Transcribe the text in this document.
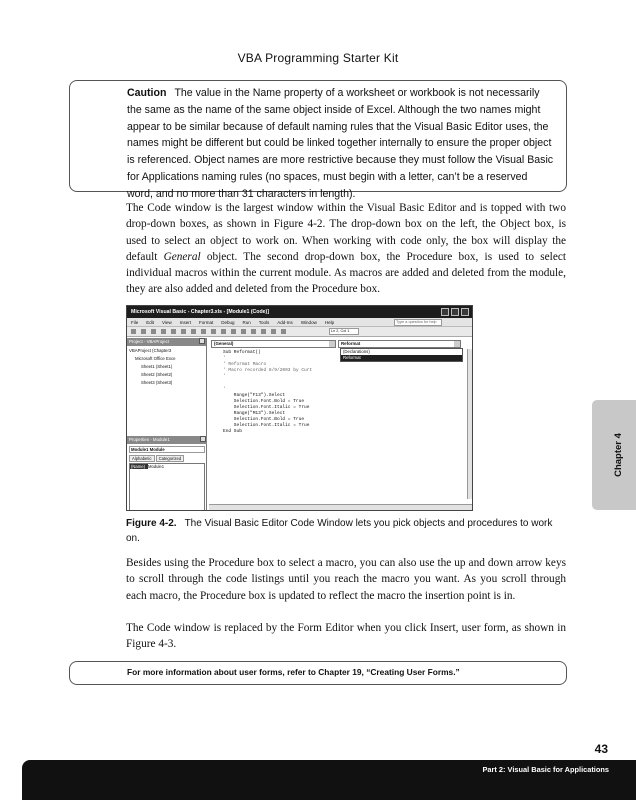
VBA Programming Starter Kit
Caution The value in the Name property of a worksheet or workbook is not necessarily the same as the name of the same object inside of Excel. Although the two names might appear to be similar because of default naming rules that the Visual Basic Editor uses, the names might be different but could be linked together internally to ensure the proper object is referenced. Object names are more restrictive because they must follow the Visual Basic for Applications naming rules (no spaces, must begin with a letter, can’t be a reserved word, and no more than 31 characters in length).
The Code window is the largest window within the Visual Basic Editor and is topped with two drop-down boxes, as shown in Figure 4-2. The drop-down box on the left, the Object box, is used to select an object to work on. When working with code only, the box will display the default General object. The second drop-down box, the Procedure box, is used to select individual macros within the current module. As macros are added and deleted from the module, they are also added and deleted from the Procedure box.
Microsoft Visual Basic - Chapter3.xls - [Module1 (Code)]
File Edit View Insert Format Debug Run Tools Add-Ins Window Help	Type a question for help
Ln 2, Col 1
Project - VBAProject
VBAProject (Chapter3
Microsoft Office Exce
Sheet1 (Sheet1)
Sheet2 (Sheet2)
Sheet3 (Sheet3)
Properties - Module1
Module1 Module
Alphabetic	Categorized
(Name) Module1
(General)	Reformat
(Declarations)
Reformat
Sub Reformat()
'
' Reformat Macro
' Macro recorded 8/9/2003 by Curt
'

'
Range("F13").Select
Selection.Font.Bold = True
Selection.Font.Italic = True
Range("M13").Select
Selection.Font.Bold = True
Selection.Font.Italic = True
End Sub
Figure 4-2. The Visual Basic Editor Code Window lets you pick objects and procedures to work on.
Besides using the Procedure box to select a macro, you can also use the up and down arrow keys to scroll through the code listings until you reach the macro you want. As you scroll through each macro, the Procedure box is updated to reflect the macro the insertion point is in.
The Code window is replaced by the Form Editor when you click Insert, user form, as shown in Figure 4-3.
For more information about user forms, refer to Chapter 19, “Creating User Forms.”
Chapter 4
43
Part 2: Visual Basic for Applications
